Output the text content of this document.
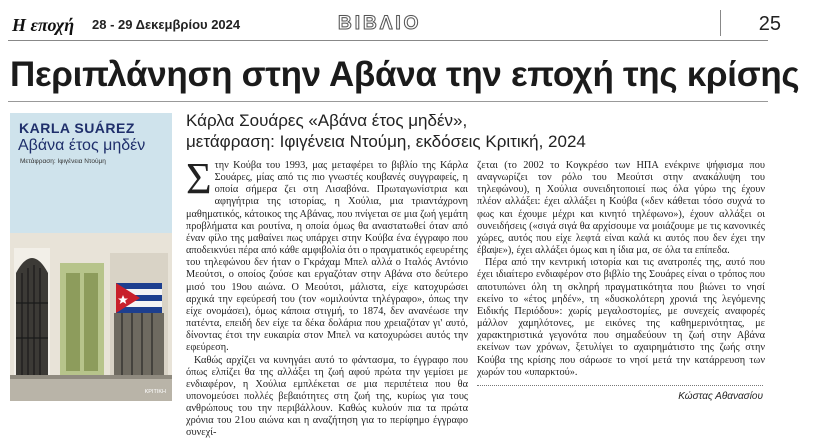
Η εποχή	28 - 29 Δεκεμβρίου 2024	ΒΙΒΛΙΟ	25
Περιπλάνηση στην Αβάνα την εποχή της κρίσης
KARLA SUÁREZ
Αβάνα έτος μηδέν
Μετάφραση: Ιφιγένεια Ντούμη
ΚΡΙΤΙΚΗ
Κάρλα Σουάρες «Αβάνα έτος μηδέν»,
μετάφραση: Ιφιγένεια Ντούμη, εκδόσεις Κριτική, 2024

Στην Κούβα του 1993, μας μεταφέρει το βιβλίο της Κάρλα Σουάρες, μίας από τις πιο γνωστές κουβανές συγγραφείς, η οποία σήμερα ζει στη Λισαβόνα. Πρωταγωνίστρια και αφηγήτρια της ιστορίας, η Χούλια, μια τριαντάχρονη μαθηματικός, κάτοικος της Αβάνας, που πνίγεται σε μια ζωή γεμάτη προβλήματα και ρουτίνα, η οποία όμως θα αναστατωθεί όταν από έναν φίλο της μαθαίνει πως υπάρχει στην Κούβα ένα έγγραφο που αποδεικνύει πέρα από κάθε αμφιβολία ότι ο πραγματικός εφευρέτης του τηλεφώνου δεν ήταν ο Γκράχαμ Μπελ αλλά ο Ιταλός Αντόνιο Μεούτσι, ο οποίος ζούσε και εργαζόταν στην Αβάνα στο δεύτερο μισό του 19ου αιώνα. Ο Μεούτσι, μάλιστα, είχε κατοχυρώσει αρχικά την εφεύρεσή του (τον «ομιλούντα τηλέγραφο», όπως την είχε ονομάσει), όμως κάποια στιγμή, το 1874, δεν ανανέωσε την πατέντα, επειδή δεν είχε τα δέκα δολάρια που χρειαζόταν γι' αυτό, δίνοντας έτσι την ευκαιρία στον Μπελ να κατοχυρώσει αυτός την εφεύρεση.

Καθώς αρχίζει να κυνηγάει αυτό το φάντασμα, το έγγραφο που όπως ελπίζει θα της αλλάξει τη ζωή αφού πρώτα την γεμίσει με ενδιαφέρον, η Χούλια εμπλέκεται σε μια περιπέτεια που θα υπονομεύσει πολλές βεβαιότητες στη ζωή της, κυρίως για τους ανθρώπους του την περιβάλλουν. Καθώς κυλούν πια τα πρώτα χρόνια του 21ου αιώνα και η αναζήτηση για το περίφημο έγγραφο συνεχί-

ζεται (το 2002 το Κογκρέσο των ΗΠΑ ενέκρινε ψήφισμα που αναγνωρίζει τον ρόλο του Μεούτσι στην ανακάλυψη του τηλεφώνου), η Χούλια συνειδητοποιεί πως όλα γύρω της έχουν πλέον αλλάξει: έχει αλλάξει η Κούβα («δεν κάθεται τόσο συχνά το φως και έχουμε μέχρι και κινητό τηλέφωνο»), έχουν αλλάξει οι συνειδήσεις («σιγά σιγά θα αρχίσουμε να μοιάζουμε με τις κανονικές χώρες, αυτός που είχε λεφτά είναι καλά κι αυτός που δεν έχει την έβαψε»), έχει αλλάξει όμως και η ίδια μα, σε όλα τα επίπεδα.

Πέρα από την κεντρική ιστορία και τις ανατροπές της, αυτό που έχει ιδιαίτερο ενδιαφέρον στο βιβλίο της Σουάρες είναι ο τρόπος που αποτυπώνει όλη τη σκληρή πραγματικότητα που βιώνει το νησί εκείνο το «έτος μηδέν», τη «δυσκολότερη χρονιά της λεγόμενης Ειδικής Περιόδου»: χωρίς μεγαλοστομίες, με συνεχείς αναφορές μάλλον χαμηλότονες, με εικόνες της καθημερινότητας, με χαρακτηριστικά γεγονότα που σημαδεύουν τη ζωή στην Αβάνα εκείνων των χρόνων, ξετυλίγει το αχαιρημάτιστο της ζωής στην Κούβα της κρίσης που σάρωσε το νησί μετά την κατάρρευση των χωρών του «υπαρκτού».

Κώστας Αθανασίου
